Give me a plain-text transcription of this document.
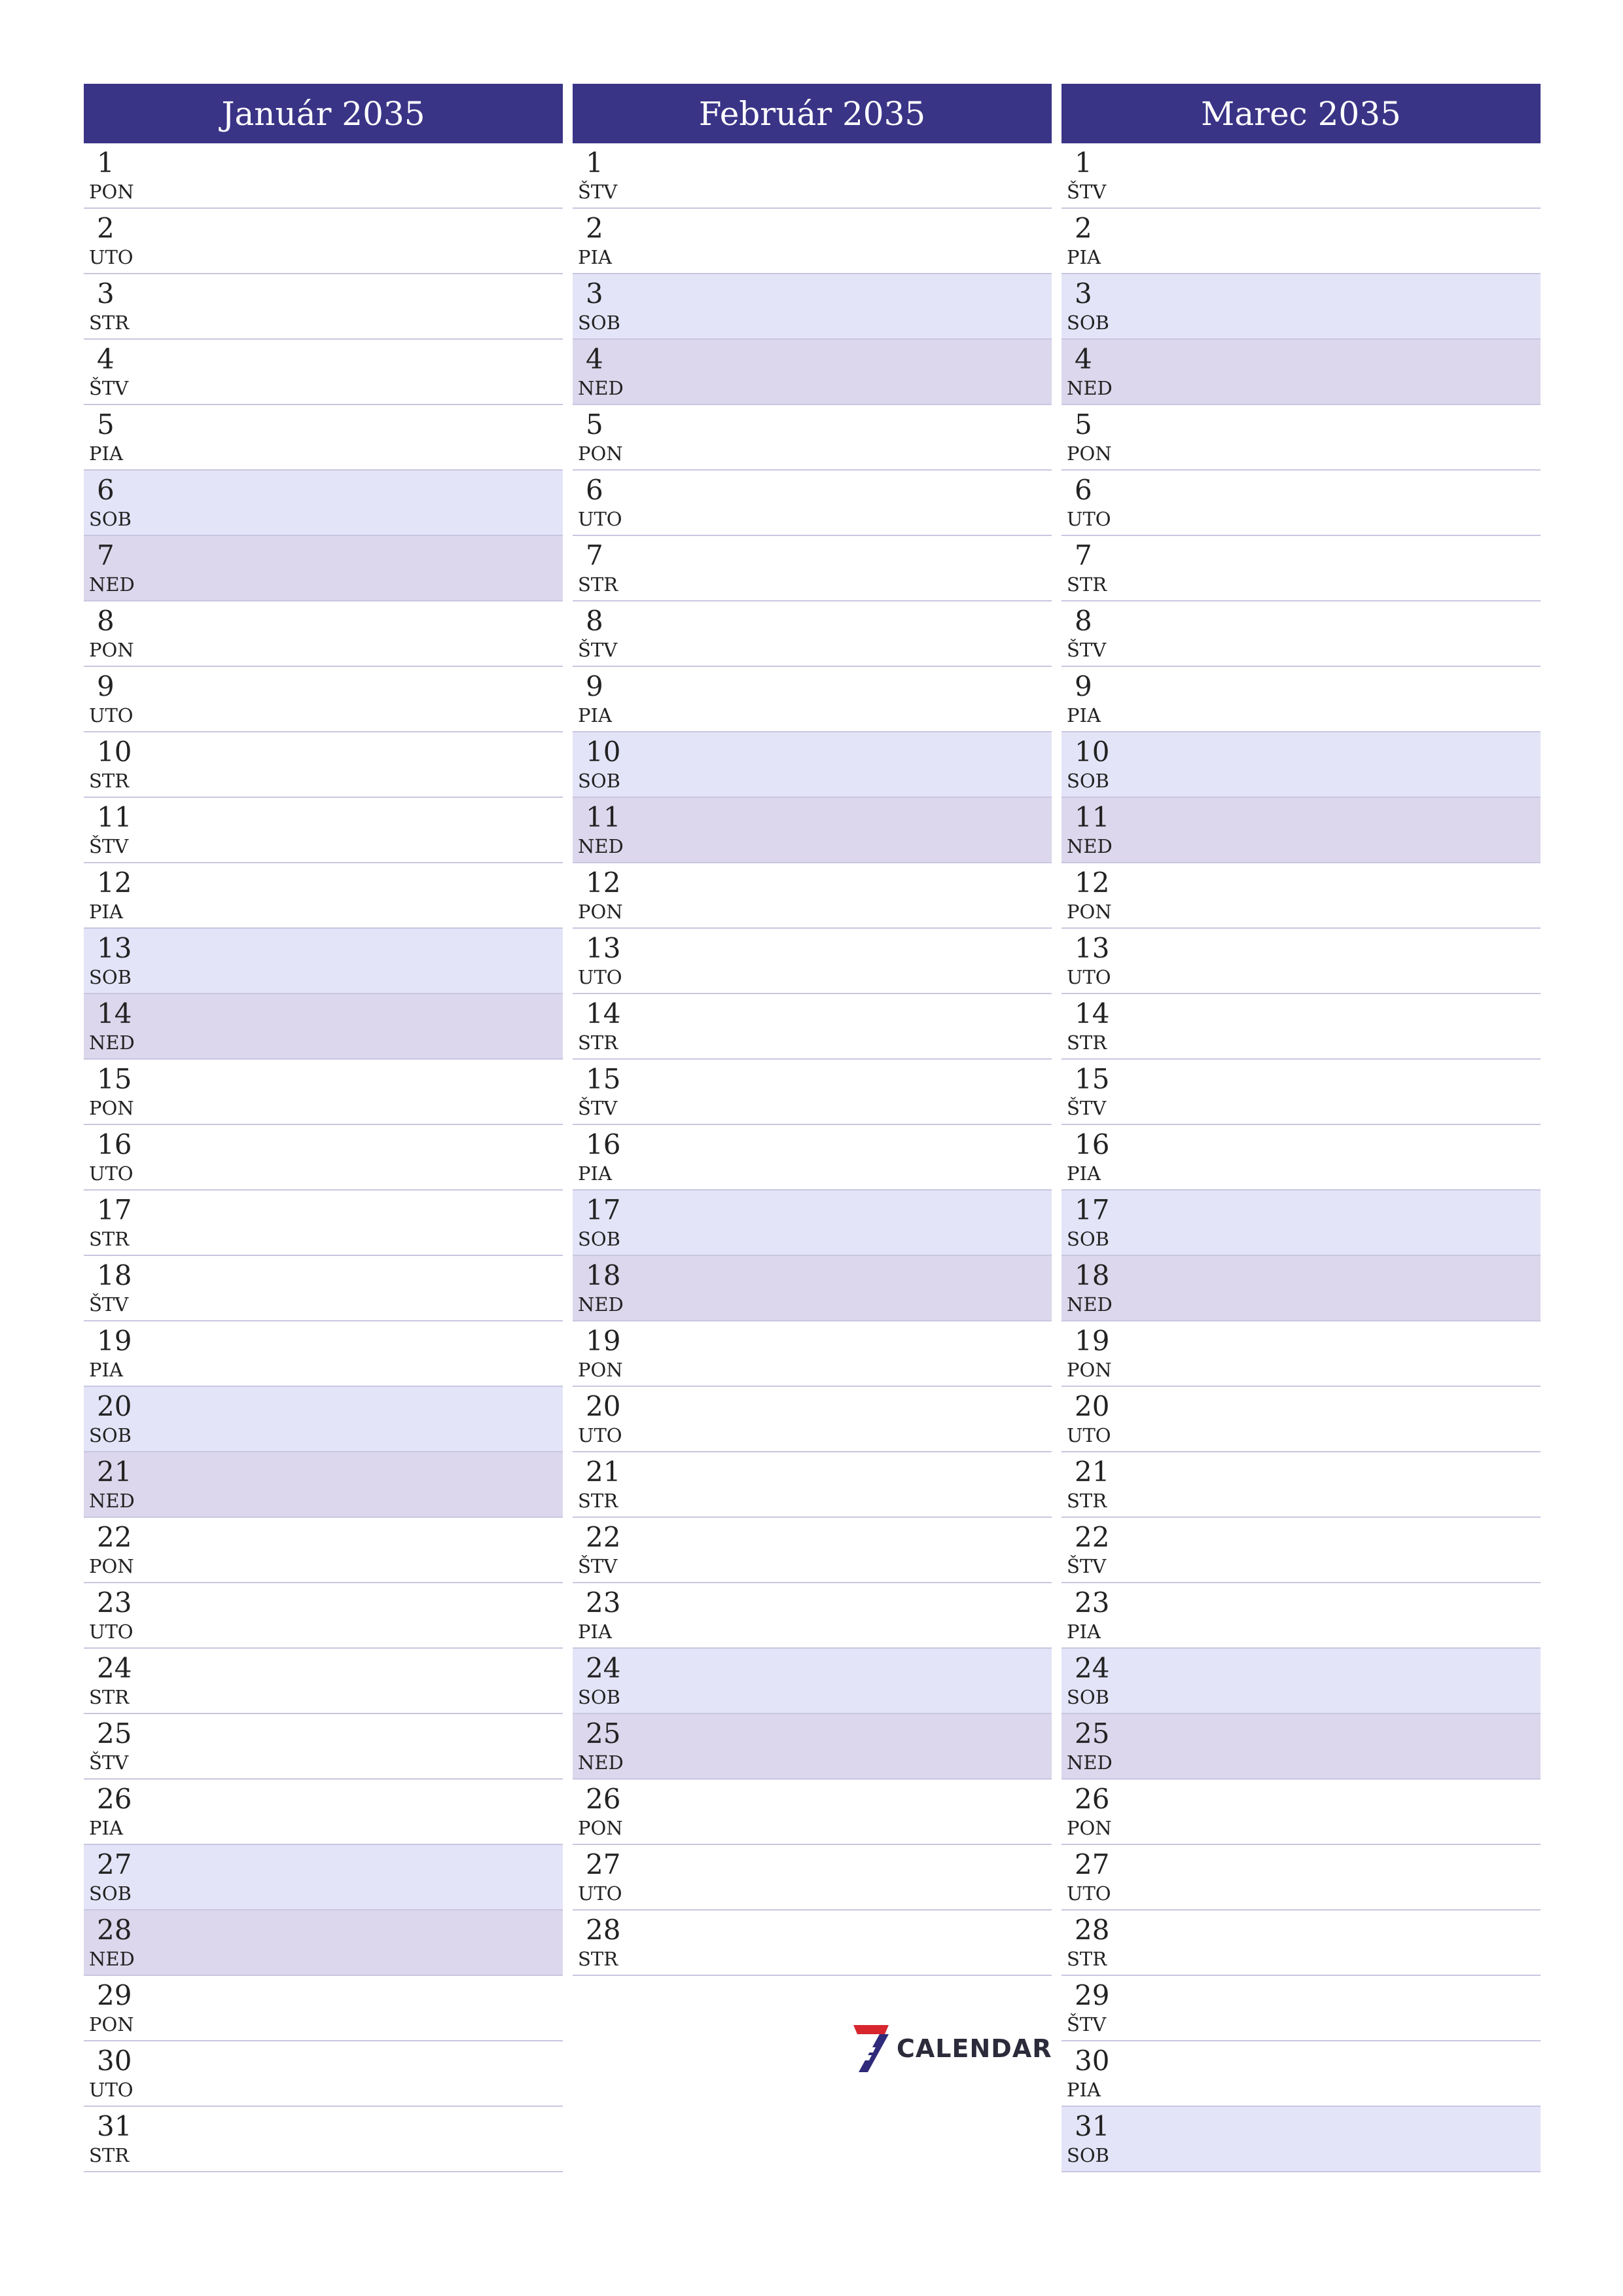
Január 2035
1
PON
2
UTO
3
STR
4
ŠTV
5
PIA
6
SOB
7
NED
8
PON
9
UTO
10
STR
11
ŠTV
12
PIA
13
SOB
14
NED
15
PON
16
UTO
17
STR
18
ŠTV
19
PIA
20
SOB
21
NED
22
PON
23
UTO
24
STR
25
ŠTV
26
PIA
27
SOB
28
NED
29
PON
30
UTO
31
STR
Február 2035
1
ŠTV
2
PIA
3
SOB
4
NED
5
PON
6
UTO
7
STR
8
ŠTV
9
PIA
10
SOB
11
NED
12
PON
13
UTO
14
STR
15
ŠTV
16
PIA
17
SOB
18
NED
19
PON
20
UTO
21
STR
22
ŠTV
23
PIA
24
SOB
25
NED
26
PON
27
UTO
28
STR
Marec 2035
1
ŠTV
2
PIA
3
SOB
4
NED
5
PON
6
UTO
7
STR
8
ŠTV
9
PIA
10
SOB
11
NED
12
PON
13
UTO
14
STR
15
ŠTV
16
PIA
17
SOB
18
NED
19
PON
20
UTO
21
STR
22
ŠTV
23
PIA
24
SOB
25
NED
26
PON
27
UTO
28
STR
29
ŠTV
30
PIA
31
SOB
CALENDAR
